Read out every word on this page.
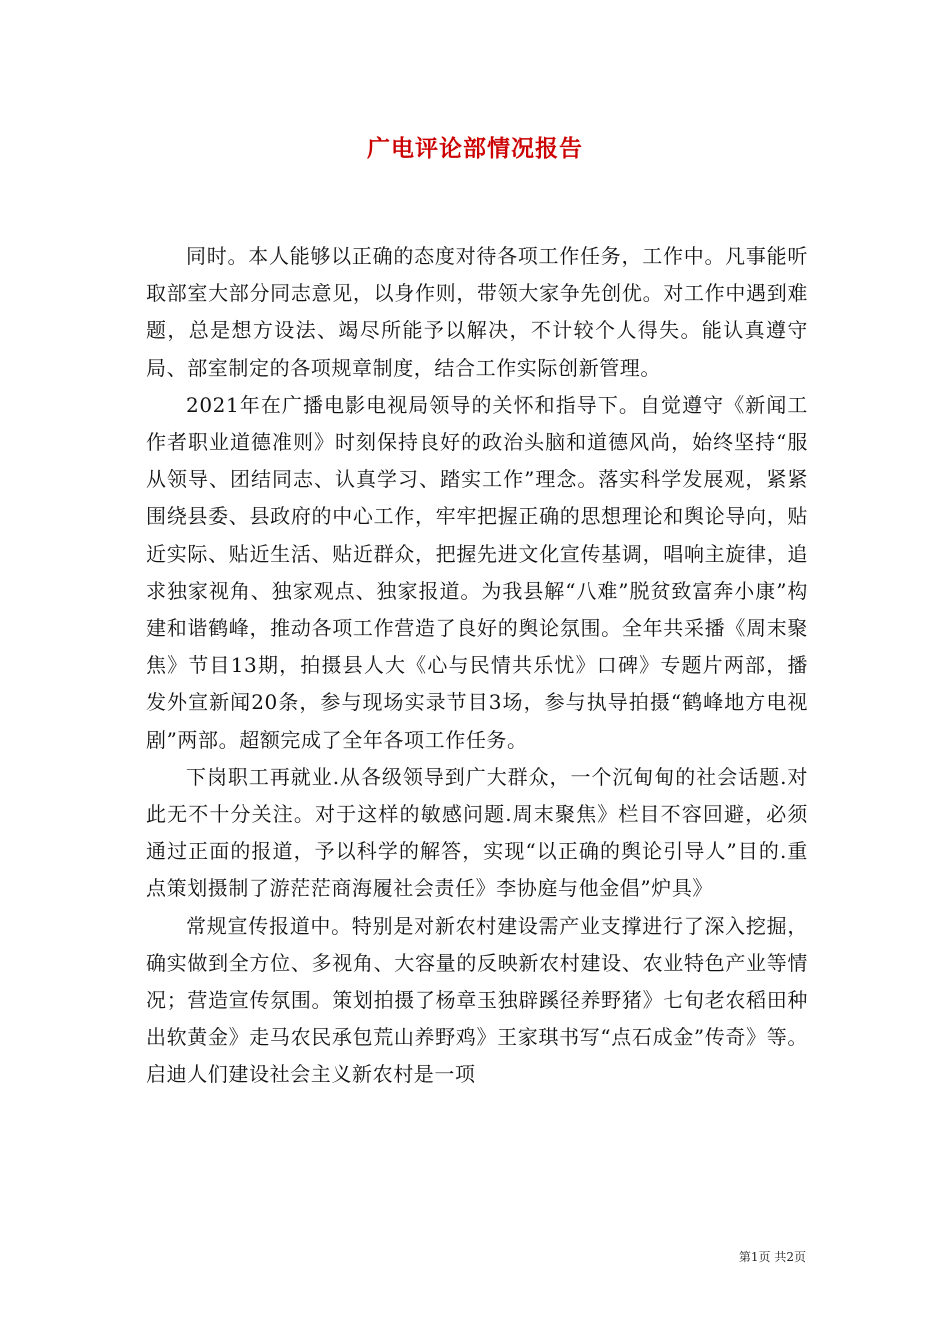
广电评论部情况报告

同时。本人能够以正确的态度对待各项工作任务，工作中。凡事能听取部室大部分同志意见，以身作则，带领大家争先创优。对工作中遇到难题，总是想方设法、竭尽所能予以解决，不计较个人得失。能认真遵守局、部室制定的各项规章制度，结合工作实际创新管理。

2021年在广播电影电视局领导的关怀和指导下。自觉遵守《新闻工作者职业道德准则》时刻保持良好的政治头脑和道德风尚，始终坚持“服从领导、团结同志、认真学习、踏实工作”理念。落实科学发展观，紧紧围绕县委、县政府的中心工作，牢牢把握正确的思想理论和舆论导向，贴近实际、贴近生活、贴近群众，把握先进文化宣传基调，唱响主旋律，追求独家视角、独家观点、独家报道。为我县解“八难”脱贫致富奔小康”构建和谐鹤峰，推动各项工作营造了良好的舆论氛围。全年共采播《周末聚焦》节目13期，拍摄县人大《心与民情共乐忧》口碑》专题片两部，播发外宣新闻20条，参与现场实录节目3场，参与执导拍摄“鹤峰地方电视剧”两部。超额完成了全年各项工作任务。

下岗职工再就业.从各级领导到广大群众，一个沉甸甸的社会话题.对此无不十分关注。对于这样的敏感问题.周末聚焦》栏目不容回避，必须通过正面的报道，予以科学的解答，实现“以正确的舆论引导人”目的.重点策划摄制了游茫茫商海履社会责任》李协庭与他金倡”炉具》

常规宣传报道中。特别是对新农村建设需产业支撑进行了深入挖掘，确实做到全方位、多视角、大容量的反映新农村建设、农业特色产业等情况；营造宣传氛围。策划拍摄了杨章玉独辟蹊径养野猪》七旬老农稻田种出软黄金》走马农民承包荒山养野鸡》王家琪书写“点石成金”传奇》等。启迪人们建设社会主义新农村是一项

第1页 共2页
